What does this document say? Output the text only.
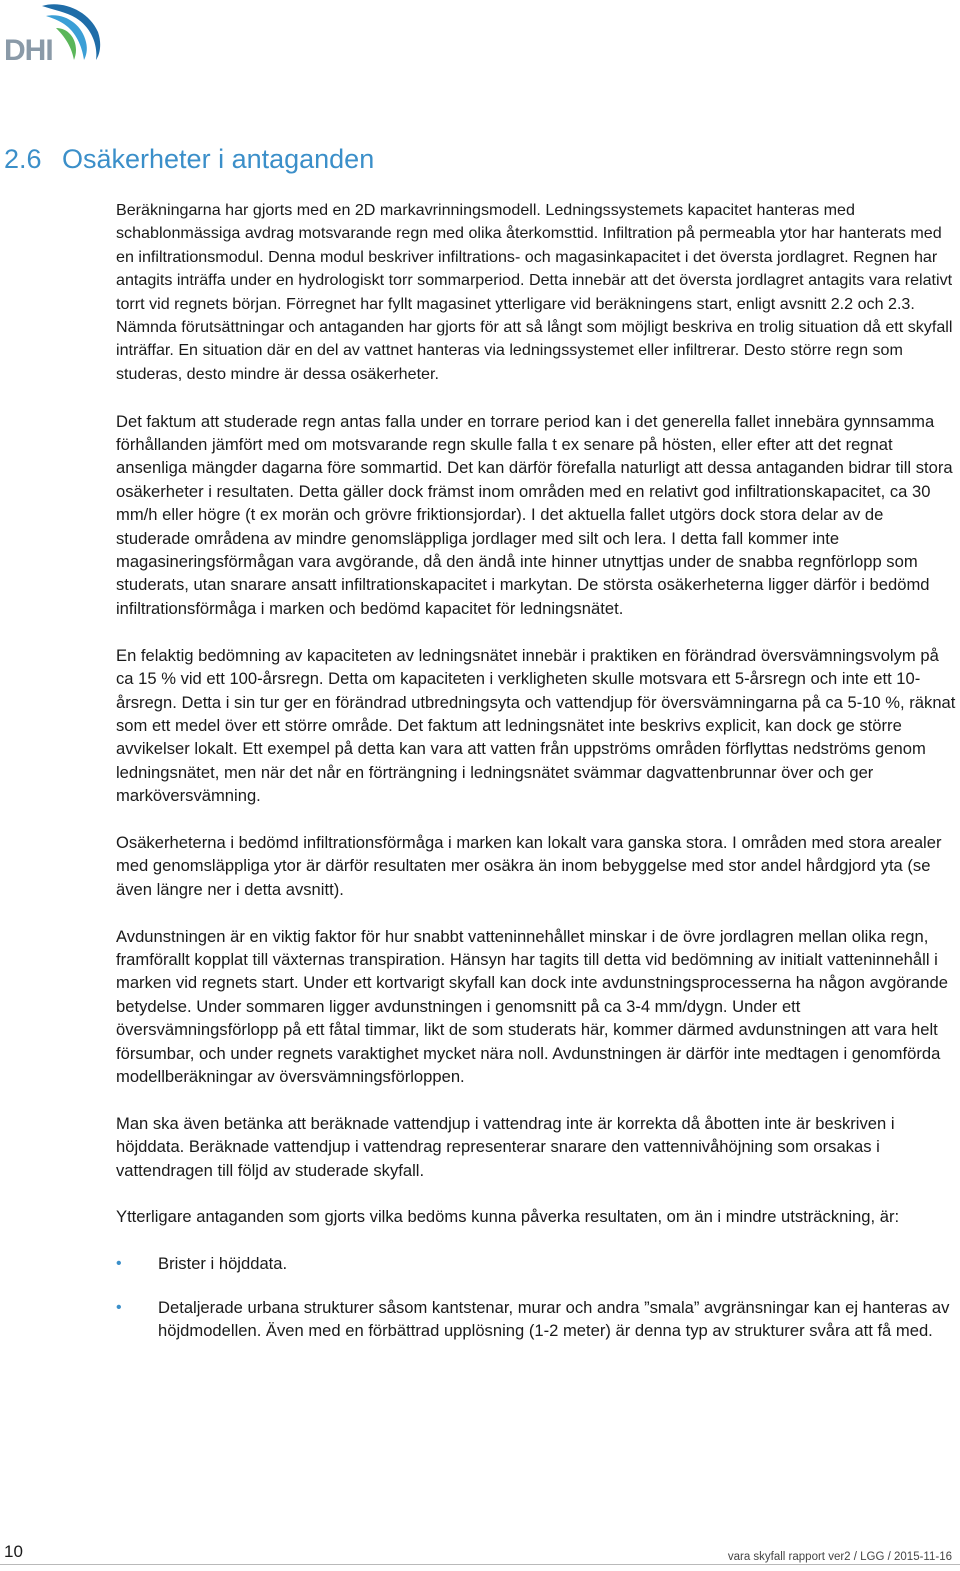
DHI
2.6 Osäkerheter i antaganden

Beräkningarna har gjorts med en 2D markavrinningsmodell. Ledningssystemets kapacitet hanteras med schablonmässiga avdrag motsvarande regn med olika återkomsttid. Infiltration på permeabla ytor har hanterats med en infiltrationsmodul. Denna modul beskriver infiltrations- och magasinkapacitet i det översta jordlagret. Regnen har antagits inträffa under en hydrologiskt torr sommarperiod. Detta innebär att det översta jordlagret antagits vara relativt torrt vid regnets början. Förregnet har fyllt magasinet ytterligare vid beräkningens start, enligt avsnitt 2.2 och 2.3. Nämnda förutsättningar och antaganden har gjorts för att så långt som möjligt beskriva en trolig situation då ett skyfall inträffar. En situation där en del av vattnet hanteras via ledningssystemet eller infiltrerar. Desto större regn som studeras, desto mindre är dessa osäkerheter.

Det faktum att studerade regn antas falla under en torrare period kan i det generella fallet innebära gynnsamma förhållanden jämfört med om motsvarande regn skulle falla t ex senare på hösten, eller efter att det regnat ansenliga mängder dagarna före sommartid. Det kan därför förefalla naturligt att dessa antaganden bidrar till stora osäkerheter i resultaten. Detta gäller dock främst inom områden med en relativt god infiltrationskapacitet, ca 30 mm/h eller högre (t ex morän och grövre friktionsjordar). I det aktuella fallet utgörs dock stora delar av de studerade områdena av mindre genomsläppliga jordlager med silt och lera. I detta fall kommer inte magasineringsförmågan vara avgörande, då den ändå inte hinner utnyttjas under de snabba regnförlopp som studerats, utan snarare ansatt infiltrationskapacitet i markytan. De största osäkerheterna ligger därför i bedömd infiltrationsförmåga i marken och bedömd kapacitet för ledningsnätet.

En felaktig bedömning av kapaciteten av ledningsnätet innebär i praktiken en förändrad översvämningsvolym på ca 15 % vid ett 100-årsregn. Detta om kapaciteten i verkligheten skulle motsvara ett 5-årsregn och inte ett 10-årsregn. Detta i sin tur ger en förändrad utbredningsyta och vattendjup för översvämningarna på ca 5-10 %, räknat som ett medel över ett större område. Det faktum att ledningsnätet inte beskrivs explicit, kan dock ge större avvikelser lokalt. Ett exempel på detta kan vara att vatten från uppströms områden förflyttas nedströms genom ledningsnätet, men när det når en förträngning i ledningsnätet svämmar dagvattenbrunnar över och ger marköversvämning.

Osäkerheterna i bedömd infiltrationsförmåga i marken kan lokalt vara ganska stora. I områden med stora arealer med genomsläppliga ytor är därför resultaten mer osäkra än inom bebyggelse med stor andel hårdgjord yta (se även längre ner i detta avsnitt).

Avdunstningen är en viktig faktor för hur snabbt vatteninnehållet minskar i de övre jordlagren mellan olika regn, framförallt kopplat till växternas transpiration. Hänsyn har tagits till detta vid bedömning av initialt vatteninnehåll i marken vid regnets start. Under ett kortvarigt skyfall kan dock inte avdunstningsprocesserna ha någon avgörande betydelse. Under sommaren ligger avdunstningen i genomsnitt på ca 3-4 mm/dygn. Under ett översvämningsförlopp på ett fåtal timmar, likt de som studerats här, kommer därmed avdunstningen att vara helt försumbar, och under regnets varaktighet mycket nära noll. Avdunstningen är därför inte medtagen i genomförda modellberäkningar av översvämningsförloppen.

Man ska även betänka att beräknade vattendjup i vattendrag inte är korrekta då åbotten inte är beskriven i höjddata. Beräknade vattendjup i vattendrag representerar snarare den vattennivåhöjning som orsakas i vattendragen till följd av studerade skyfall.

Ytterligare antaganden som gjorts vilka bedöms kunna påverka resultaten, om än i mindre utsträckning, är:

• Brister i höjddata.
• Detaljerade urbana strukturer såsom kantstenar, murar och andra ”smala” avgränsningar kan ej hanteras av höjdmodellen. Även med en förbättrad upplösning (1-2 meter) är denna typ av strukturer svåra att få med.
10	vara skyfall rapport ver2 / LGG / 2015-11-16
